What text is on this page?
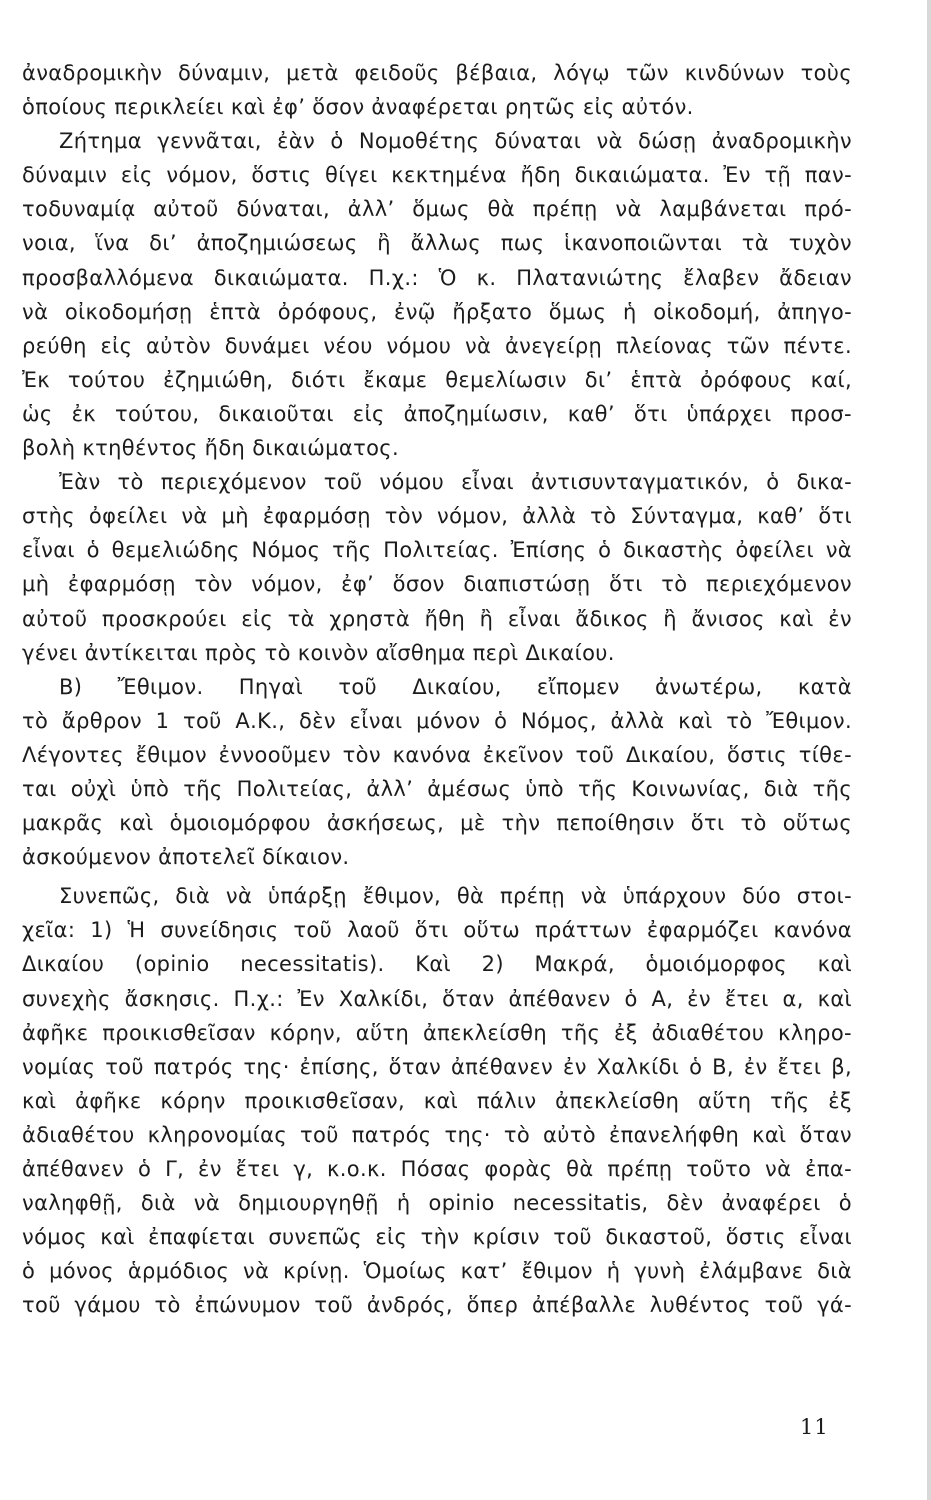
ἀναδρομικὴν δύναμιν, μετὰ φειδοῦς βέβαια, λόγῳ τῶν κινδύνων τοὺς
ὁποίους περικλείει καὶ ἐφ’ ὅσον ἀναφέρεται ρητῶς εἰς αὐτόν.
Ζήτημα γεννᾶται, ἐὰν ὁ Νομοθέτης δύναται νὰ δώσῃ ἀναδρομικὴν
δύναμιν εἰς νόμον, ὅστις θίγει κεκτημένα ἤδη δικαιώματα. Ἐν τῇ παν-
τοδυναμίᾳ αὐτοῦ δύναται, ἀλλ’ ὅμως θὰ πρέπῃ νὰ λαμβάνεται πρό-
νοια, ἵνα δι’ ἀποζημιώσεως ἢ ἄλλως πως ἱκανοποιῶνται τὰ τυχὸν
προσβαλλόμενα δικαιώματα. Π.χ.: Ὁ κ. Πλατανιώτης ἔλαβεν ἄδειαν
νὰ οἰκοδομήσῃ ἑπτὰ ὀρόφους, ἐνῷ ἤρξατο ὅμως ἡ οἰκοδομή, ἀπηγο-
ρεύθη εἰς αὐτὸν δυνάμει νέου νόμου νὰ ἀνεγείρῃ πλείονας τῶν πέντε.
Ἐκ τούτου ἐζημιώθη, διότι ἔκαμε θεμελίωσιν δι’ ἑπτὰ ὀρόφους καί,
ὡς ἐκ τούτου, δικαιοῦται εἰς ἀποζημίωσιν, καθ’ ὅτι ὑπάρχει προσ-
βολὴ κτηθέντος ἤδη δικαιώματος.
Ἐὰν τὸ περιεχόμενον τοῦ νόμου εἶναι ἀντισυνταγματικόν, ὁ δικα-
στὴς ὀφείλει νὰ μὴ ἐφαρμόσῃ τὸν νόμον, ἀλλὰ τὸ Σύνταγμα, καθ’ ὅτι
εἶναι ὁ θεμελιώδης Νόμος τῆς Πολιτείας. Ἐπίσης ὁ δικαστὴς ὀφείλει νὰ
μὴ ἐφαρμόσῃ τὸν νόμον, ἐφ’ ὅσον διαπιστώσῃ ὅτι τὸ περιεχόμενον
αὐτοῦ προσκρούει εἰς τὰ χρηστὰ ἤθη ἢ εἶναι ἄδικος ἢ ἄνισος καὶ ἐν
γένει ἀντίκειται πρὸς τὸ κοινὸν αἴσθημα περὶ Δικαίου.
Β) Ἔθιμον. Πηγαὶ τοῦ Δικαίου, εἴπομεν ἀνωτέρω, κατὰ
τὸ ἄρθρον 1 τοῦ Α.Κ., δὲν εἶναι μόνον ὁ Νόμος, ἀλλὰ καὶ τὸ Ἔθιμον.
Λέγοντες ἔθιμον ἐννοοῦμεν τὸν κανόνα ἐκεῖνον τοῦ Δικαίου, ὅστις τίθε-
ται οὐχὶ ὑπὸ τῆς Πολιτείας, ἀλλ’ ἀμέσως ὑπὸ τῆς Κοινωνίας, διὰ τῆς
μακρᾶς καὶ ὁμοιομόρφου ἀσκήσεως, μὲ τὴν πεποίθησιν ὅτι τὸ οὕτως
ἀσκούμενον ἀποτελεῖ δίκαιον.
Συνεπῶς, διὰ νὰ ὑπάρξῃ ἔθιμον, θὰ πρέπῃ νὰ ὑπάρχουν δύο στοι-
χεῖα: 1) Ἡ συνείδησις τοῦ λαοῦ ὅτι οὕτω πράττων ἐφαρμόζει κανόνα
Δικαίου (opinio necessitatis). Καὶ 2) Μακρά, ὁμοιόμορφος καὶ
συνεχὴς ἄσκησις. Π.χ.: Ἐν Χαλκίδι, ὅταν ἀπέθανεν ὁ Α, ἐν ἔτει α, καὶ
ἀφῆκε προικισθεῖσαν κόρην, αὕτη ἀπεκλείσθη τῆς ἐξ ἀδιαθέτου κληρο-
νομίας τοῦ πατρός της· ἐπίσης, ὅταν ἀπέθανεν ἐν Χαλκίδι ὁ Β, ἐν ἔτει β,
καὶ ἀφῆκε κόρην προικισθεῖσαν, καὶ πάλιν ἀπεκλείσθη αὕτη τῆς ἐξ
ἀδιαθέτου κληρονομίας τοῦ πατρός της· τὸ αὐτὸ ἐπανελήφθη καὶ ὅταν
ἀπέθανεν ὁ Γ, ἐν ἔτει γ, κ.ο.κ. Πόσας φορὰς θὰ πρέπῃ τοῦτο νὰ ἐπα-
ναληφθῇ, διὰ νὰ δημιουργηθῇ ἡ opinio necessitatis, δὲν ἀναφέρει ὁ
νόμος καὶ ἐπαφίεται συνεπῶς εἰς τὴν κρίσιν τοῦ δικαστοῦ, ὅστις εἶναι
ὁ μόνος ἁρμόδιος νὰ κρίνῃ. Ὁμοίως κατ’ ἔθιμον ἡ γυνὴ ἐλάμβανε διὰ
τοῦ γάμου τὸ ἐπώνυμον τοῦ ἀνδρός, ὅπερ ἀπέβαλλε λυθέντος τοῦ γά-
11
